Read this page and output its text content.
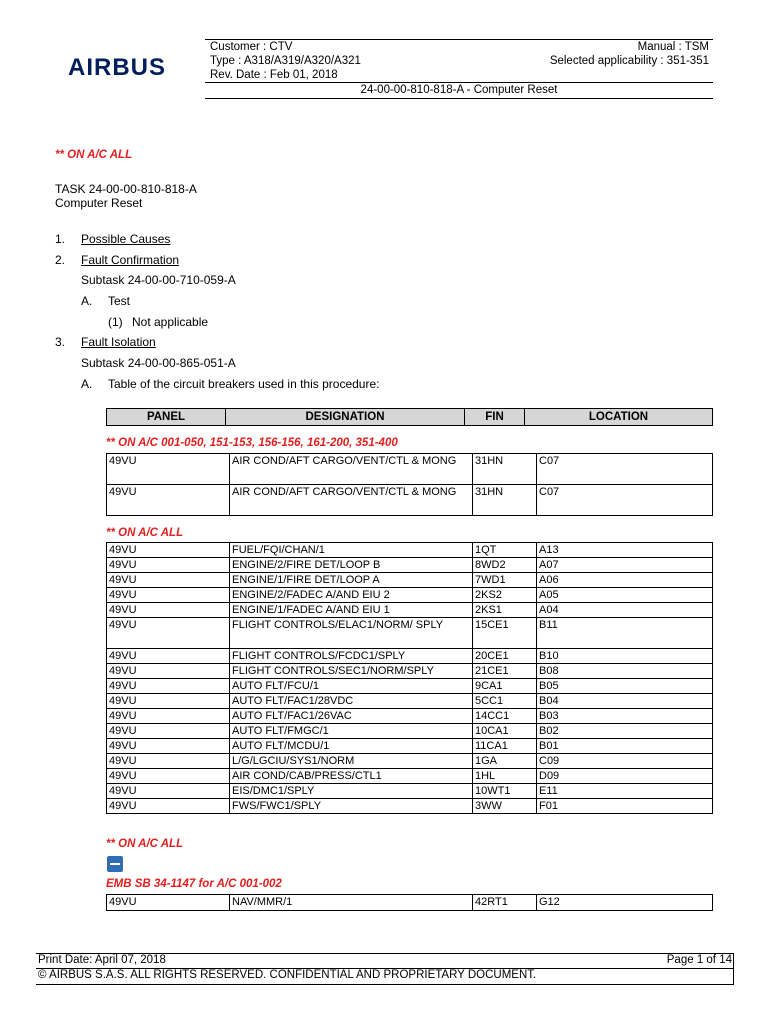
AIRBUS
Customer : CTV	Manual : TSM
Type : A318/A319/A320/A321	Selected applicability : 351-351
Rev. Date : Feb 01, 2018
24-00-00-810-818-A - Computer Reset
** ON A/C ALL
TASK 24-00-00-810-818-A
Computer Reset
1. Possible Causes
2. Fault Confirmation
Subtask 24-00-00-710-059-A
A. Test
(1) Not applicable
3. Fault Isolation
Subtask 24-00-00-865-051-A
A. Table of the circuit breakers used in this procedure:
PANEL	DESIGNATION	FIN	LOCATION
** ON A/C 001-050, 151-153, 156-156, 161-200, 351-400
49VU	AIR COND/AFT CARGO/VENT/CTL & MONG	31HN	C07
49VU	AIR COND/AFT CARGO/VENT/CTL & MONG	31HN	C07
** ON A/C ALL
49VU	FUEL/FQI/CHAN/1	1QT	A13
49VU	ENGINE/2/FIRE DET/LOOP B	8WD2	A07
49VU	ENGINE/1/FIRE DET/LOOP A	7WD1	A06
49VU	ENGINE/2/FADEC A/AND EIU 2	2KS2	A05
49VU	ENGINE/1/FADEC A/AND EIU 1	2KS1	A04
49VU	FLIGHT CONTROLS/ELAC1/NORM/ SPLY	15CE1	B11
49VU	FLIGHT CONTROLS/FCDC1/SPLY	20CE1	B10
49VU	FLIGHT CONTROLS/SEC1/NORM/SPLY	21CE1	B08
49VU	AUTO FLT/FCU/1	9CA1	B05
49VU	AUTO FLT/FAC1/28VDC	5CC1	B04
49VU	AUTO FLT/FAC1/26VAC	14CC1	B03
49VU	AUTO FLT/FMGC/1	10CA1	B02
49VU	AUTO FLT/MCDU/1	11CA1	B01
49VU	L/G/LGCIU/SYS1/NORM	1GA	C09
49VU	AIR COND/CAB/PRESS/CTL1	1HL	D09
49VU	EIS/DMC1/SPLY	10WT1	E11
49VU	FWS/FWC1/SPLY	3WW	F01
** ON A/C ALL
EMB SB 34-1147 for A/C 001-002
49VU	NAV/MMR/1	42RT1	G12
Print Date: April 07, 2018	Page 1 of 14
© AIRBUS S.A.S. ALL RIGHTS RESERVED. CONFIDENTIAL AND PROPRIETARY DOCUMENT.
